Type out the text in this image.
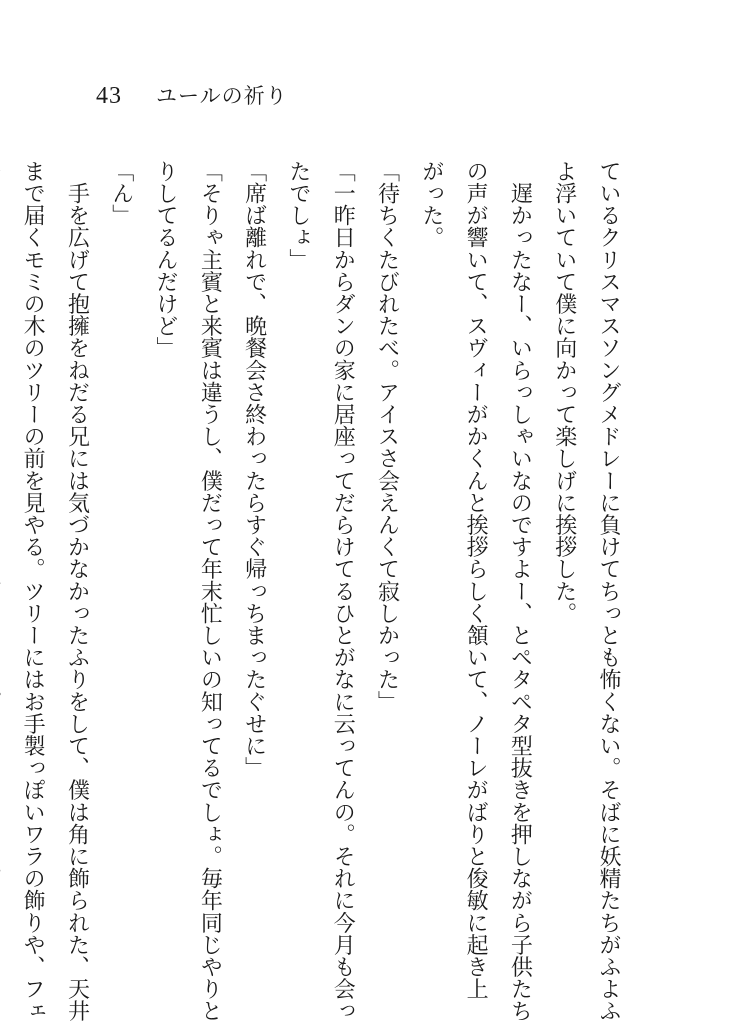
43 ユールの祈り
ているクリスマスソングメドレーに負けてちっとも怖くない。そばに妖精たちがふよふ
よ浮いていて僕に向かって楽しげに挨拶した。
　遅かったなー、いらっしゃいなのですよー、とペタペタ型抜きを押しながら子供たち
の声が響いて、スヴィーがかくんと挨拶らしく頷いて、ノーレがばりと俊敏に起き上
がった。
「待ちくたびれたべ。アイスさ会えんくて寂しかった」
「一昨日からダンの家に居座ってだらけてるひとがなに云ってんの。それに今月も会っ
たでしょ」
「席ば離れで、晩餐会さ終わったらすぐ帰っちまったぐせに」
「そりゃ主賓と来賓は違うし、僕だって年末忙しいの知ってるでしょ。毎年同じやりと
りしてるんだけど」
「ん」
　手を広げて抱擁をねだる兄には気づかなかったふりをして、僕は角に飾られた、天井
まで届くモミの木のツリーの前を見やる。ツリーにはお手製っぽいワラの飾りや、フェ
